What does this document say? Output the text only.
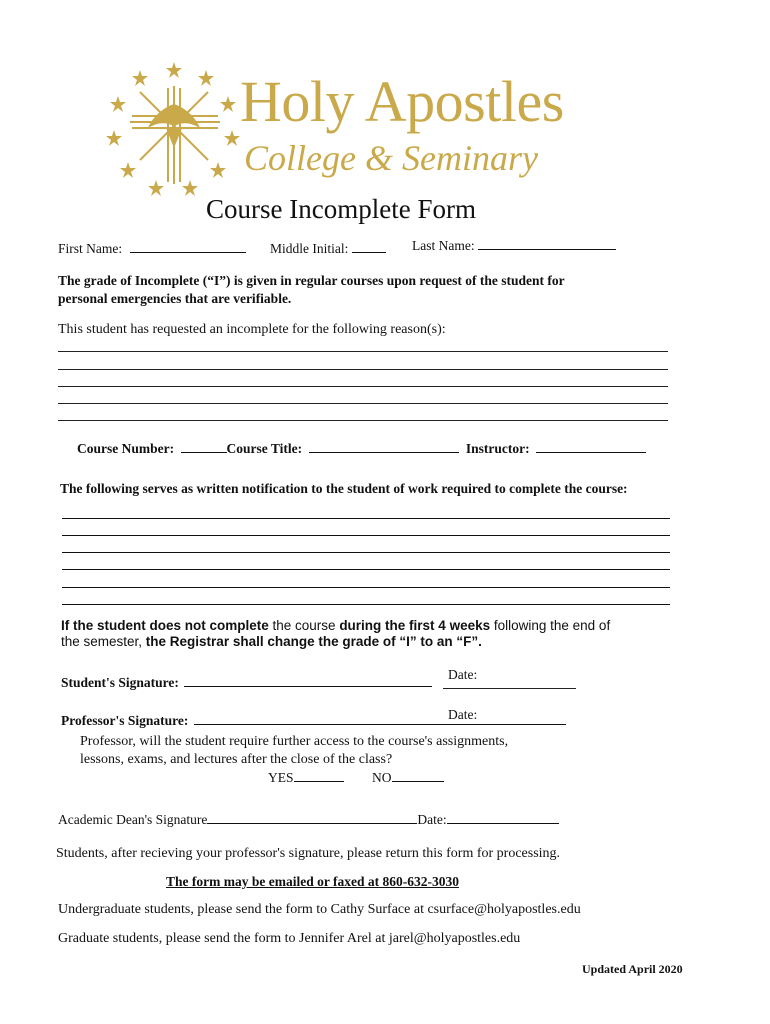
Holy Apostles
College & Seminary
Course Incomplete Form
First Name:	Middle Initial:	Last Name:
The grade of Incomplete (“I”) is given in regular courses upon request of the student for
personal emergencies that are verifiable.
This student has requested an incomplete for the following reason(s):
Course Number:	Course Title:	Instructor:
The following serves as written notification to the student of work required to complete the course:
If the student does not complete the course during the first 4 weeks following the end of
the semester, the Registrar shall change the grade of “I” to an “F”.
Student's Signature:
Date:
Professor's Signature:	Date:
Professor, will the student require further access to the course's assignments,
lessons, exams, and lectures after the close of the class?
YES	NO
Academic Dean's Signature	Date:
Students, after recieving your professor's signature, please return this form for processing.
The form may be emailed or faxed at 860-632-3030
Undergraduate students, please send the form to Cathy Surface at csurface@holyapostles.edu
Graduate students, please send the form to Jennifer Arel at jarel@holyapostles.edu
Updated April 2020
